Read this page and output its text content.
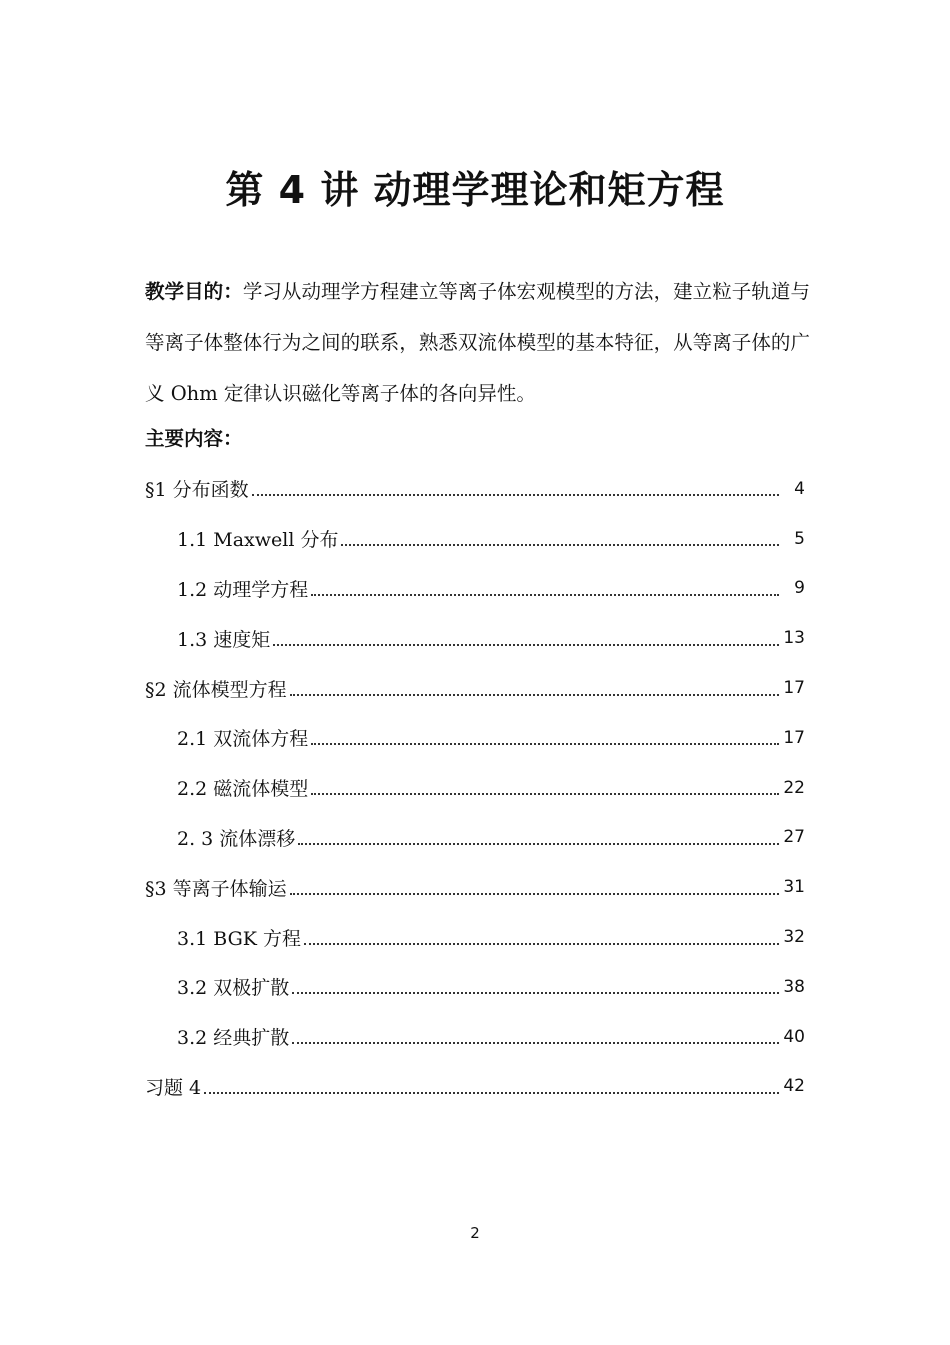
第 4 讲 动理学理论和矩方程
教学目的：学习从动理学方程建立等离子体宏观模型的方法，建立粒子轨道与等离子体整体行为之间的联系，熟悉双流体模型的基本特征，从等离子体的广义 Ohm 定律认识磁化等离子体的各向异性。
主要内容：
§1 分布函数	4
1.1 Maxwell 分布	5
1.2 动理学方程	9
1.3 速度矩	13
§2 流体模型方程	17
2.1 双流体方程	17
2.2 磁流体模型	22
2. 3 流体漂移	27
§3 等离子体输运	31
3.1 BGK 方程	32
3.2 双极扩散	38
3.2 经典扩散	40
习题 4	42
2
